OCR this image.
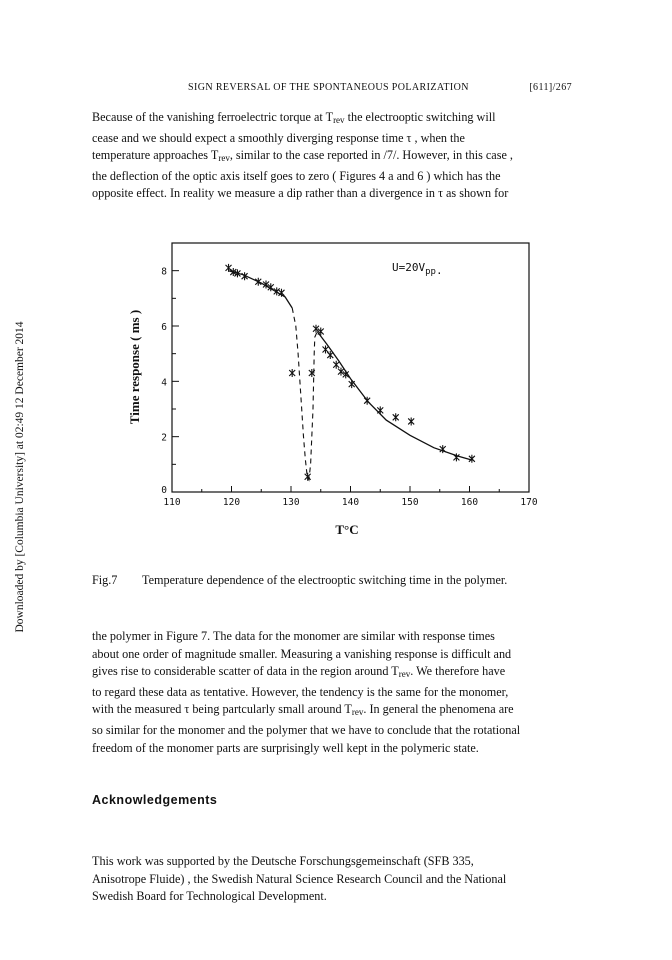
Downloaded by [Columbia University] at 02:49 12 December 2014
SIGN REVERSAL OF THE SPONTANEOUS POLARIZATION	[611]/267
Because of the vanishing ferroelectric torque at $T_{rev}$ the electrooptic switching will
cease and we should expect a smoothly diverging response time τ , when the
temperature approaches $T_{rev}$, similar to the case reported in /7/. However, in this case ,
the deflection of the optic axis itself goes to zero ( Figures 4 a and 6 ) which has the
opposite effect. In reality we measure a dip rather than a divergence in τ as shown for
110	120	130	140	150	160	170
0
2
4
6
8	$U=20V_{pp}$.
T°C
Time response ( ms )
Fig.7 Temperature dependence of the electrooptic switching time in the polymer.
the polymer in Figure 7. The data for the monomer are similar with response times
about one order of magnitude smaller. Measuring a vanishing response is difficult and
gives rise to considerable scatter of data in the region around $T_{rev}$. We therefore have
to regard these data as tentative. However, the tendency is the same for the monomer,
with the measured τ being partcularly small around $T_{rev}$. In general the phenomena are
so similar for the monomer and the polymer that we have to conclude that the rotational
freedom of the monomer parts are surprisingly well kept in the polymeric state.
Acknowledgements
This work was supported by the Deutsche Forschungsgemeinschaft (SFB 335,
Anisotrope Fluide) , the Swedish Natural Science Research Council and the National
Swedish Board for Technological Development.
